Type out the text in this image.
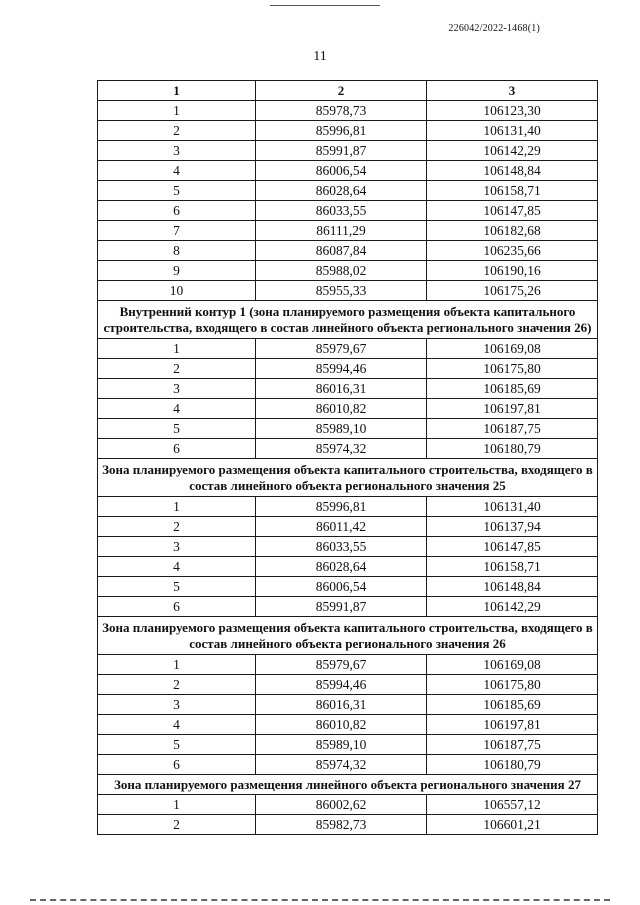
226042/2022-1468(1)
11
1	2	3
1	85978,73	106123,30
2	85996,81	106131,40
3	85991,87	106142,29
4	86006,54	106148,84
5	86028,64	106158,71
6	86033,55	106147,85
7	86111,29	106182,68
8	86087,84	106235,66
9	85988,02	106190,16
10	85955,33	106175,26
Внутренний контур 1 (зона планируемого размещения объекта капитального строительства, входящего в состав линейного объекта регионального значения 26)		
1	85979,67	106169,08
2	85994,46	106175,80
3	86016,31	106185,69
4	86010,82	106197,81
5	85989,10	106187,75
6	85974,32	106180,79
Зона планируемого размещения объекта капитального строительства, входящего в состав линейного объекта регионального значения 25		
1	85996,81	106131,40
2	86011,42	106137,94
3	86033,55	106147,85
4	86028,64	106158,71
5	86006,54	106148,84
6	85991,87	106142,29
Зона планируемого размещения объекта капитального строительства, входящего в состав линейного объекта регионального значения 26		
1	85979,67	106169,08
2	85994,46	106175,80
3	86016,31	106185,69
4	86010,82	106197,81
5	85989,10	106187,75
6	85974,32	106180,79
Зона планируемого размещения линейного объекта регионального значения 27		
1	86002,62	106557,12
2	85982,73	106601,21
